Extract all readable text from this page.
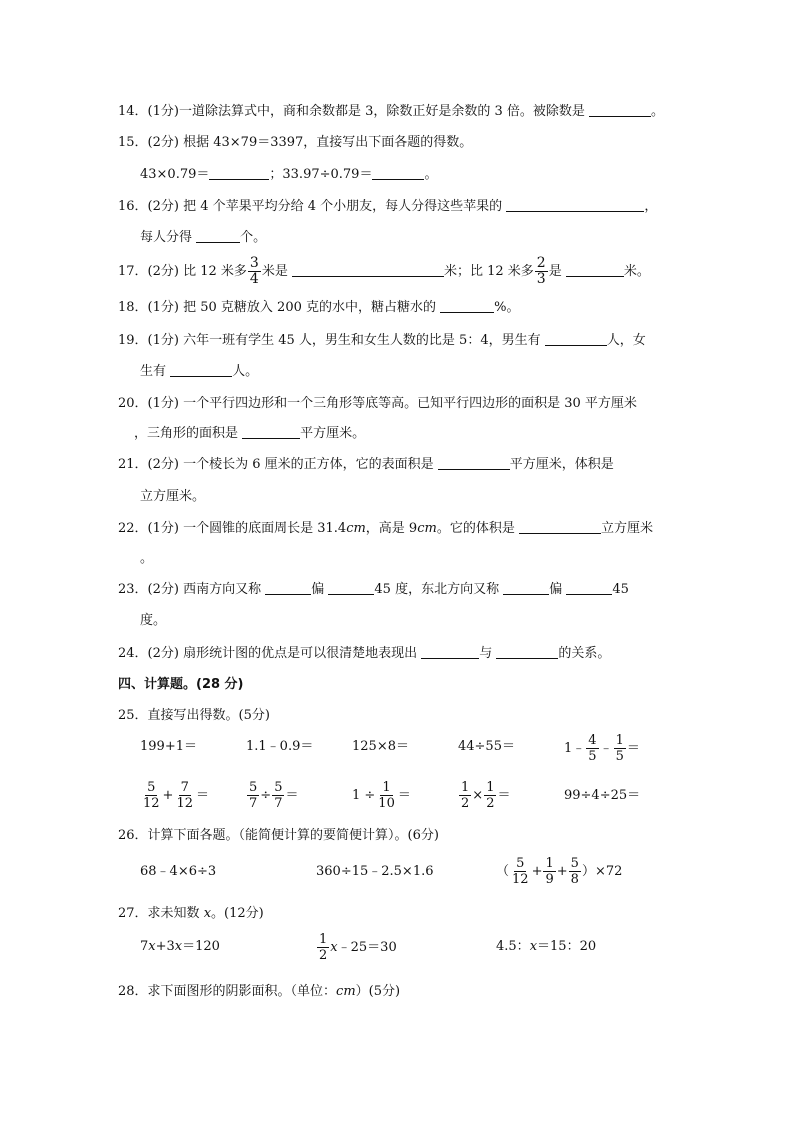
14．(1分)一道除法算式中，商和余数都是 3，除数正好是余数的 3 倍。被除数是	。
15．(2分) 根据 43×79＝3397，直接写出下面各题的得数。
43×0.79＝	；33.97÷0.79＝	。
16．(2分) 把 4 个苹果平均分给 4 个小朋友，每人分得这些苹果的	，
每人分得	个。
17．(2分) 比 12 米多 $\frac{3}{4}$ 米是	米；比 12 米多 $\frac{2}{3}$ 是	米。
18．(1分) 把 50 克糖放入 200 克的水中，糖占糖水的	%。
19．(1分) 六年一班有学生 45 人，男生和女生人数的比是 5：4，男生有	人，女
生有	人。
20．(1分) 一个平行四边形和一个三角形等底等高。已知平行四边形的面积是 30 平方厘米
，三角形的面积是	平方厘米。
21．(2分) 一个棱长为 6 厘米的正方体，它的表面积是	平方厘米，体积是
立方厘米。
22．(1分) 一个圆锥的底面周长是 31.4cm，高是 9cm。它的体积是	立方厘米
。
23．(2分) 西南方向又称	偏	45 度，东北方向又称	偏	45
度。
24．(2分) 扇形统计图的优点是可以很清楚地表现出	与	的关系。
四、计算题。(28 分)
25．直接写出得数。(5分)
199+1＝	1.1﹣0.9＝	125×8＝	44÷55＝	1﹣ $\frac{4}{5}$ ﹣ $\frac{1}{5}$ ＝
$\frac{5}{12} + \frac{7}{12}$ ＝	$\frac{5}{7} \div \frac{5}{7}$ ＝	$1 \div \frac{1}{10}$ ＝	$\frac{1}{2} \times \frac{1}{2}$ ＝	99÷4÷25＝
26．计算下面各题。（能简便计算的要简便计算）。(6分)
68﹣4×6÷3	360÷15﹣2.5×1.6	（ $\frac{5}{12} + \frac{1}{9} + \frac{5}{8} )\times 72$
27．求未知数 x。(12分)
7x+3x＝120	$\frac{1}{2}$ x﹣25＝30	4.5：x＝15：20
28．求下面图形的阴影面积。（单位：cm）(5分)
